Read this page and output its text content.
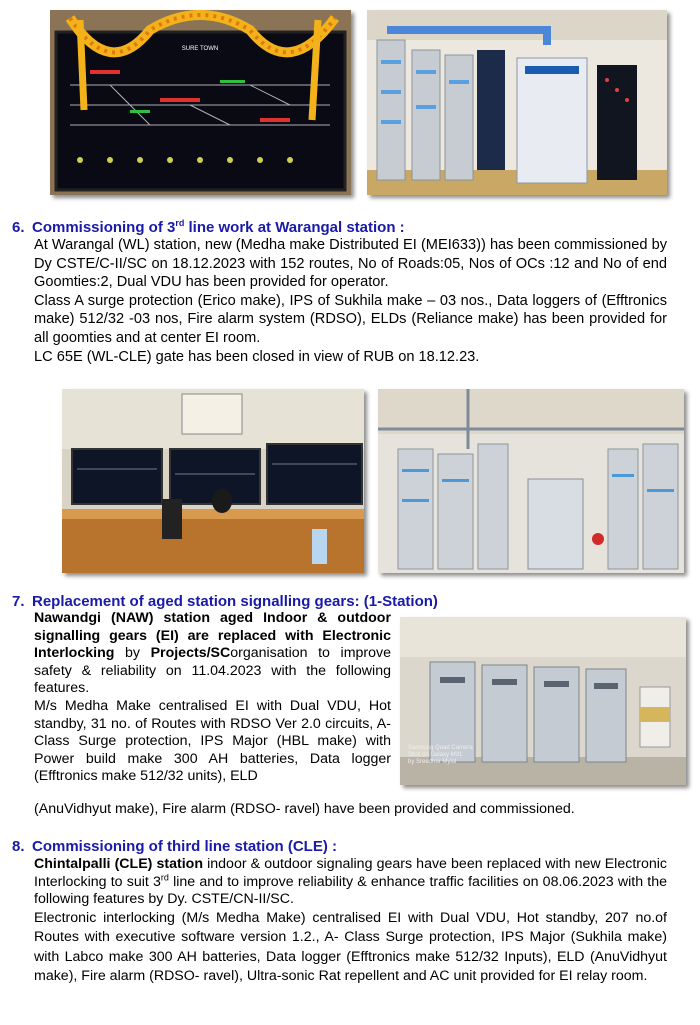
SURE TOWN
6. Commissioning of 3rd line work at Warangal station :

At Warangal (WL) station, new (Medha make Distributed EI (MEI633)) has been commissioned by Dy CSTE/C-II/SC on 18.12.2023 with 152 routes, No of Roads:05, Nos of OCs :12 and No of end Goomties:2, Dual VDU has been provided for operator.

Class A surge protection (Erico make), IPS of Sukhila make – 03 nos., Data loggers of (Efftronics make) 512/32 -03 nos, Fire alarm system (RDSO), ELDs (Reliance make) has been provided for all goomties and at center EI room.

LC 65E (WL-CLE) gate has been closed in view of RUB on 18.12.23.

7. Replacement of aged station signalling gears: (1-Station)

Nawandgi (NAW) station aged Indoor & outdoor signalling gears (EI) are replaced with Electronic Interlocking by Projects/SCorganisation to improve safety & reliability on 11.04.2023 with the following features.

M/s Medha Make centralised EI with Dual VDU, Hot standby, 31 no. of Routes with RDSO Ver 2.0 circuits, A- Class Surge protection, IPS Major (HBL make) with Power build make 300 AH batteries, Data logger (Efftronics make 512/32 units), ELD

Samsung Quad Camera
Shot on Galaxy M31
by Sreedhar Mylal
(AnuVidhyut make), Fire alarm (RDSO- ravel) have been provided and commissioned.
8. Commissioning of third line station (CLE) :

Chintalpalli (CLE) station indoor & outdoor signaling gears have been replaced with new Electronic Interlocking to suit 3rd line and to improve reliability & enhance traffic facilities on 08.06.2023 with the following features by Dy. CSTE/CN-II/SC.

Electronic interlocking (M/s Medha Make) centralised EI with Dual VDU, Hot standby, 207 no.of Routes with executive software version 1.2., A- Class Surge protection, IPS Major (Sukhila make) with Labco make 300 AH batteries, Data logger (Efftronics make 512/32 Inputs), ELD (AnuVidhyut make), Fire alarm (RDSO- ravel), Ultra-sonic Rat repellent and AC unit provided for EI relay room.
